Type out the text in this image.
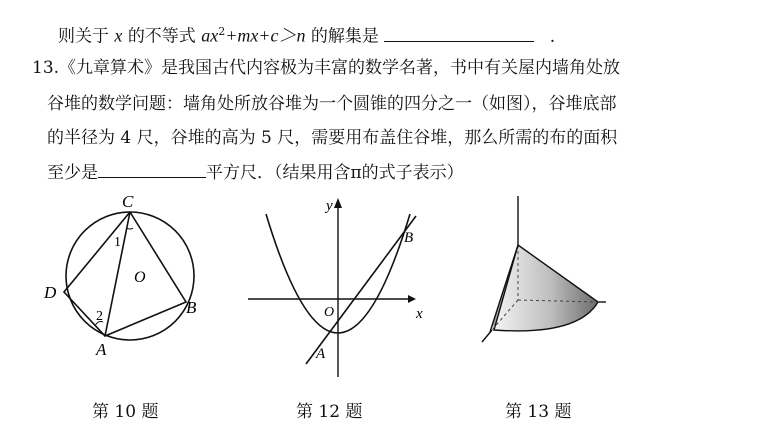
则关于 x 的不等式 $ax^2+mx+c>n$ 的解集是	.
13.《九章算术》是我国古代内容极为丰富的数学名著，书中有关屋内墙角处放
谷堆的数学问题：墙角处所放谷堆为一个圆锥的四分之一（如图），谷堆底部
的半径为 4 尺，谷堆的高为 5 尺，需要用布盖住谷堆，那么所需的布的面积
至少是	平方尺．（结果用含π的式子表示）
C
D
A
B
O
1
2
y
x
O
A
B
第 10 题	第 12 题	第 13 题
